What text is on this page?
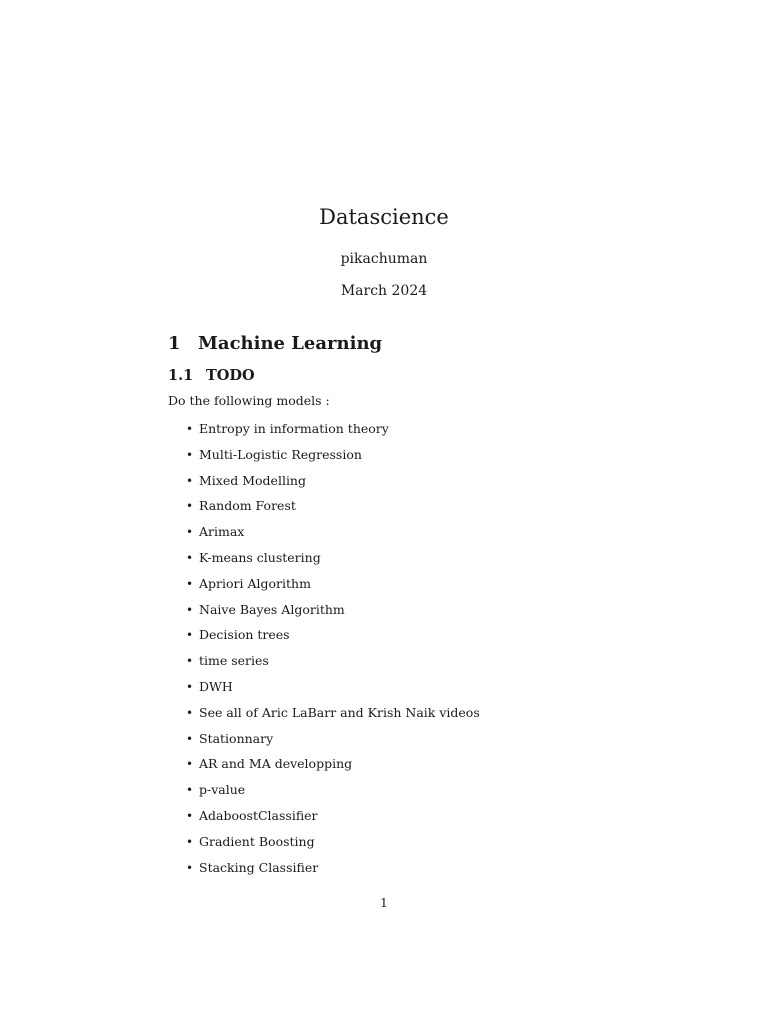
Datascience
pikachuman
March 2024
1 Machine Learning
1.1 TODO

Do the following models :

• Entropy in information theory
• Multi-Logistic Regression
• Mixed Modelling
• Random Forest
• Arimax
• K-means clustering
• Apriori Algorithm
• Naive Bayes Algorithm
• Decision trees
• time series
• DWH
• See all of Aric LaBarr and Krish Naik videos
• Stationnary
• AR and MA developping
• p-value
• AdaboostClassifier
• Gradient Boosting
• Stacking Classifier
1
